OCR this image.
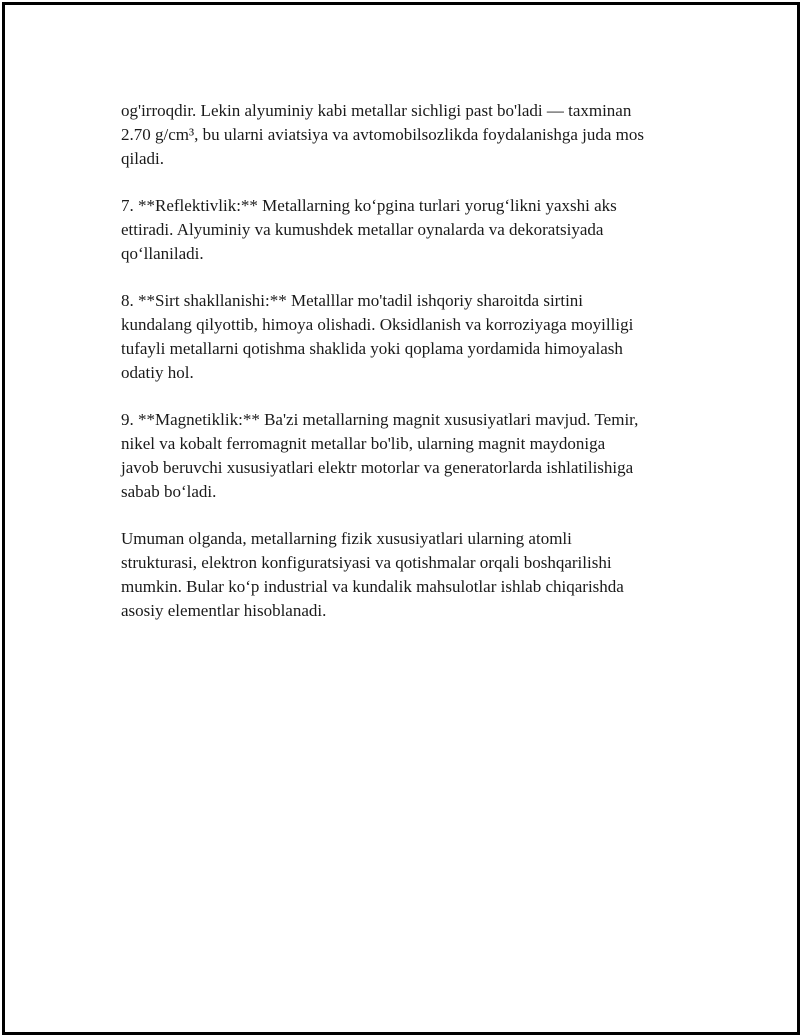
og'irroqdir. Lekin alyuminiy kabi metallar sichligi past bo'ladi — taxminan
2.70 g/cm³, bu ularni aviatsiya va avtomobilsozlikda foydalanishga juda mos
qiladi.

7. **Reflektivlik:** Metallarning ko‘pgina turlari yorug‘likni yaxshi aks
ettiradi. Alyuminiy va kumushdek metallar oynalarda va dekoratsiyada
qo‘llaniladi.

8. **Sirt shakllanishi:** Metalllar mo'tadil ishqoriy sharoitda sirtini
kundalang qilyottib, himoya olishadi. Oksidlanish va korroziyaga moyilligi
tufayli metallarni qotishma shaklida yoki qoplama yordamida himoyalash
odatiy hol.

9. **Magnetiklik:** Ba'zi metallarning magnit xususiyatlari mavjud. Temir,
nikel va kobalt ferromagnit metallar bo'lib, ularning magnit maydoniga
javob beruvchi xususiyatlari elektr motorlar va generatorlarda ishlatilishiga
sabab bo‘ladi.

Umuman olganda, metallarning fizik xususiyatlari ularning atomli
strukturasi, elektron konfiguratsiyasi va qotishmalar orqali boshqarilishi
mumkin. Bular ko‘p industrial va kundalik mahsulotlar ishlab chiqarishda
asosiy elementlar hisoblanadi.
